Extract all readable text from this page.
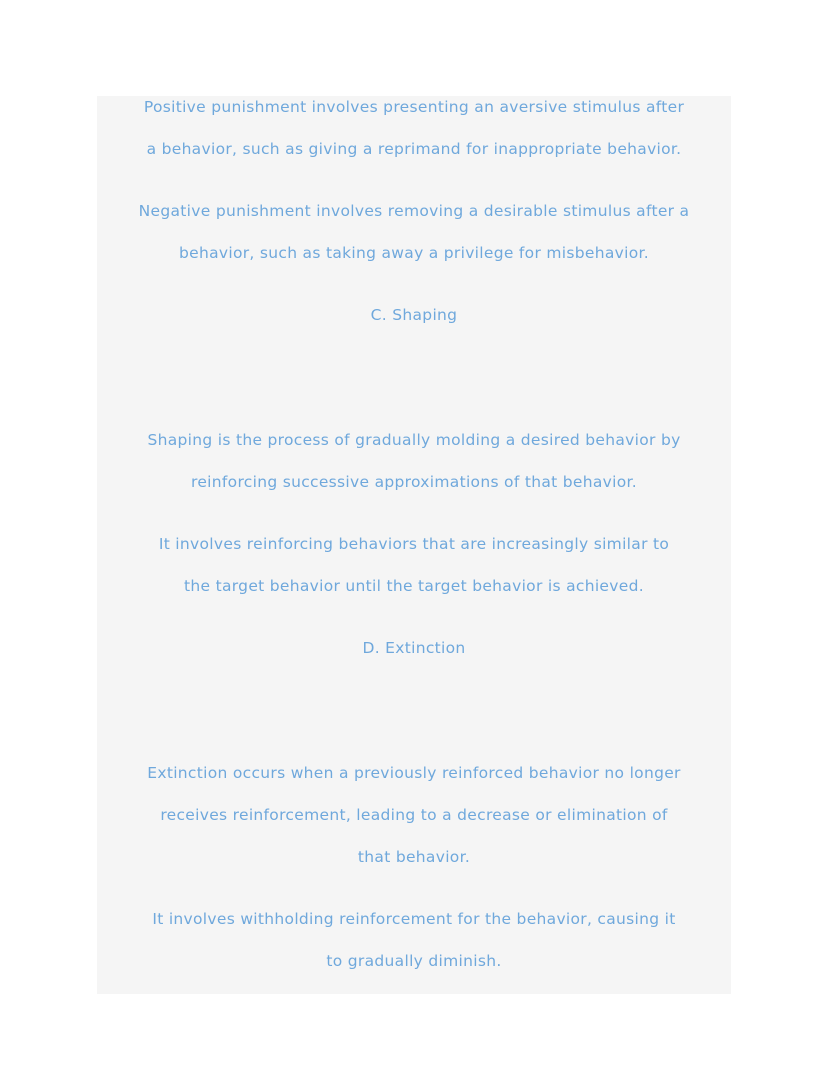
Positive punishment involves presenting an aversive stimulus after
a behavior, such as giving a reprimand for inappropriate behavior.

Negative punishment involves removing a desirable stimulus after a
behavior, such as taking away a privilege for misbehavior.

C. Shaping

Shaping is the process of gradually molding a desired behavior by
reinforcing successive approximations of that behavior.

It involves reinforcing behaviors that are increasingly similar to
the target behavior until the target behavior is achieved.

D. Extinction

Extinction occurs when a previously reinforced behavior no longer
receives reinforcement, leading to a decrease or elimination of
that behavior.

It involves withholding reinforcement for the behavior, causing it
to gradually diminish.
